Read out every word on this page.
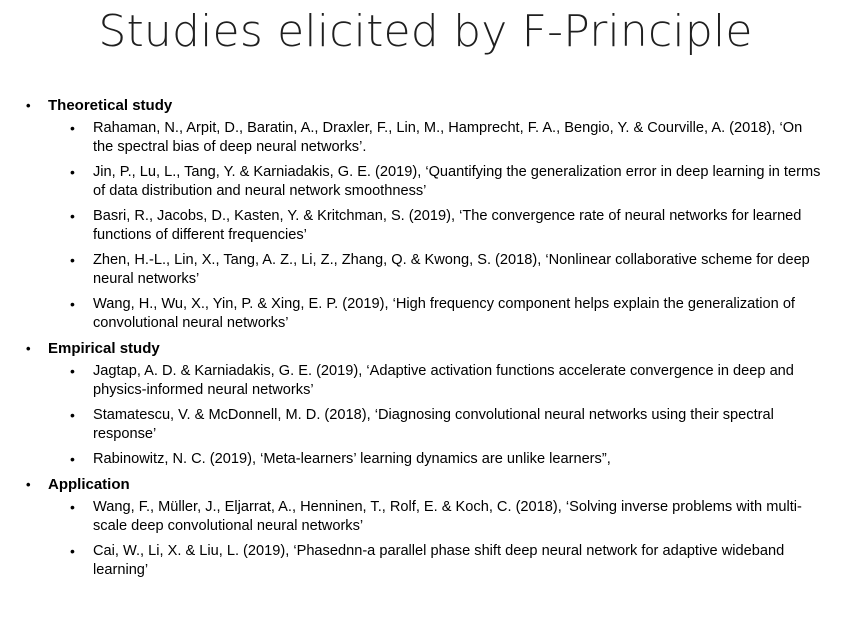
Studies elicited by F-Principle
•	Theoretical study
•	Rahaman, N., Arpit, D., Baratin, A., Draxler, F., Lin, M., Hamprecht, F. A., Bengio, Y. & Courville, A. (2018), ‘On the spectral bias of deep neural networks’.
•	Jin, P., Lu, L., Tang, Y. & Karniadakis, G. E. (2019), ‘Quantifying the generalization error in deep learning in terms of data distribution and neural network smoothness’
•	Basri, R., Jacobs, D., Kasten, Y. & Kritchman, S. (2019), ‘The convergence rate of neural networks for learned functions of different frequencies’
•	Zhen, H.-L., Lin, X., Tang, A. Z., Li, Z., Zhang, Q. & Kwong, S. (2018), ‘Nonlinear collaborative scheme for deep neural networks’
•	Wang, H., Wu, X., Yin, P. & Xing, E. P. (2019), ‘High frequency component helps explain the generalization of convolutional neural networks’
•	Empirical study
•	Jagtap, A. D. & Karniadakis, G. E. (2019), ‘Adaptive activation functions accelerate convergence in deep and physics-informed neural networks’
•	Stamatescu, V. & McDonnell, M. D. (2018), ‘Diagnosing convolutional neural networks using their spectral response’
•	Rabinowitz, N. C. (2019), ‘Meta-learners’ learning dynamics are unlike learners”,
•	Application
•	Wang, F., Müller, J., Eljarrat, A., Henninen, T., Rolf, E. & Koch, C. (2018), ‘Solving inverse problems with multi-scale deep convolutional neural networks’
•	Cai, W., Li, X. & Liu, L. (2019), ‘Phasednn-a parallel phase shift deep neural network for adaptive wideband learning’
